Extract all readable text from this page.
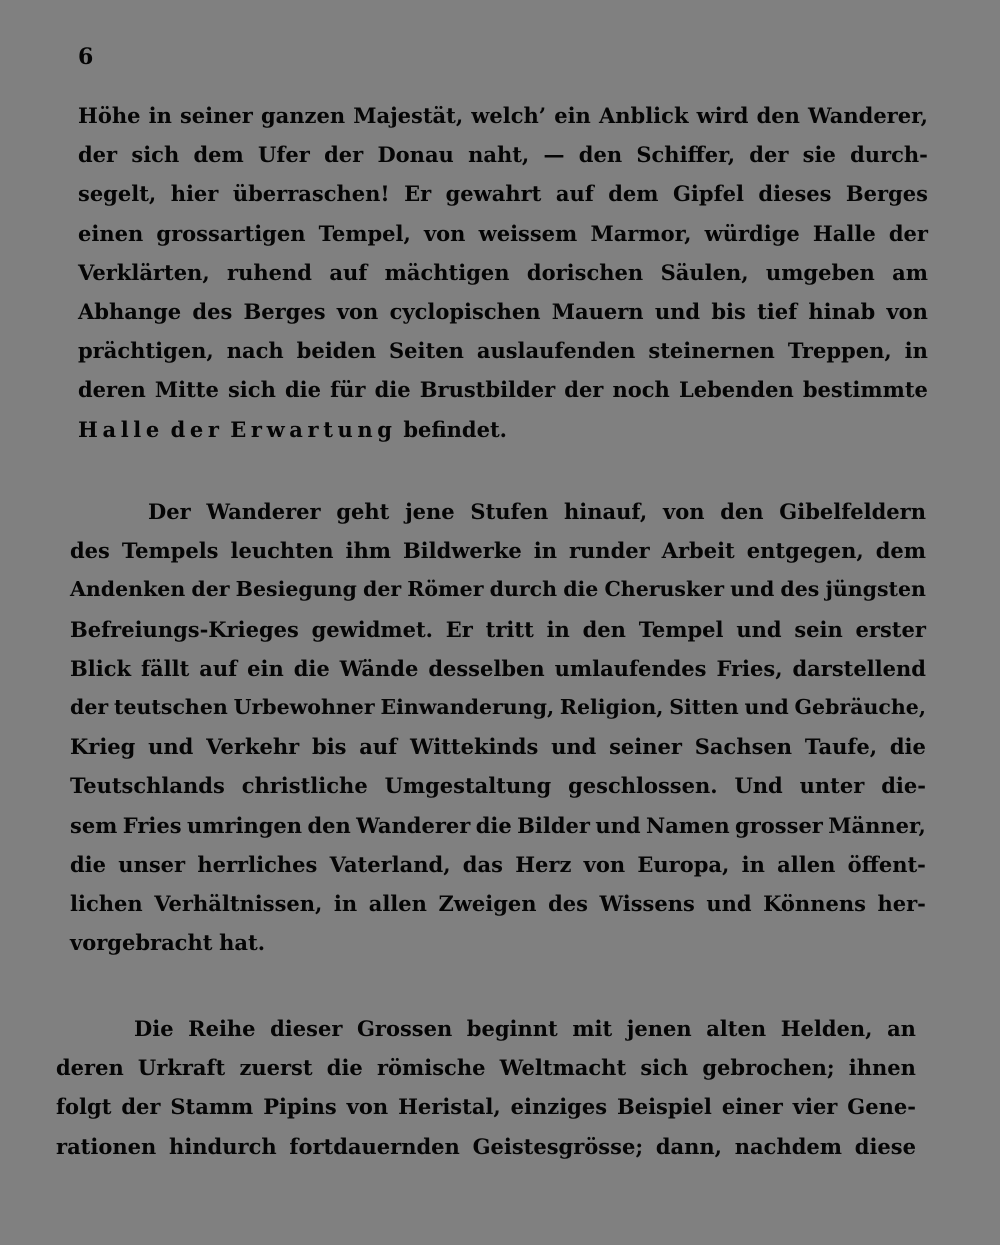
6
Höhe in seiner ganzen Majestät, welch’ ein Anblick wird den Wanderer,
der sich dem Ufer der Donau naht, — den Schiffer, der sie durch-
segelt, hier überraschen! Er gewahrt auf dem Gipfel dieses Berges
einen grossartigen Tempel, von weissem Marmor, würdige Halle der
Verklärten, ruhend auf mächtigen dorischen Säulen, umgeben am
Abhange des Berges von cyclopischen Mauern und bis tief hinab von
prächtigen, nach beiden Seiten auslaufenden steinernen Treppen, in
deren Mitte sich die für die Brustbilder der noch Lebenden bestimmte
Halle der Erwartung befindet.
Der Wanderer geht jene Stufen hinauf, von den Gibelfeldern
des Tempels leuchten ihm Bildwerke in runder Arbeit entgegen, dem
Andenken der Besiegung der Römer durch die Cherusker und des jüngsten
Befreiungs-Krieges gewidmet. Er tritt in den Tempel und sein erster
Blick fällt auf ein die Wände desselben umlaufendes Fries, darstellend
der teutschen Urbewohner Einwanderung, Religion, Sitten und Gebräuche,
Krieg und Verkehr bis auf Wittekinds und seiner Sachsen Taufe, die
Teutschlands christliche Umgestaltung geschlossen. Und unter die-
sem Fries umringen den Wanderer die Bilder und Namen grosser Männer,
die unser herrliches Vaterland, das Herz von Europa, in allen öffent-
lichen Verhältnissen, in allen Zweigen des Wissens und Könnens her-
vorgebracht hat.
Die Reihe dieser Grossen beginnt mit jenen alten Helden, an
deren Urkraft zuerst die römische Weltmacht sich gebrochen; ihnen
folgt der Stamm Pipins von Heristal, einziges Beispiel einer vier Gene-
rationen hindurch fortdauernden Geistesgrösse; dann, nachdem diese
